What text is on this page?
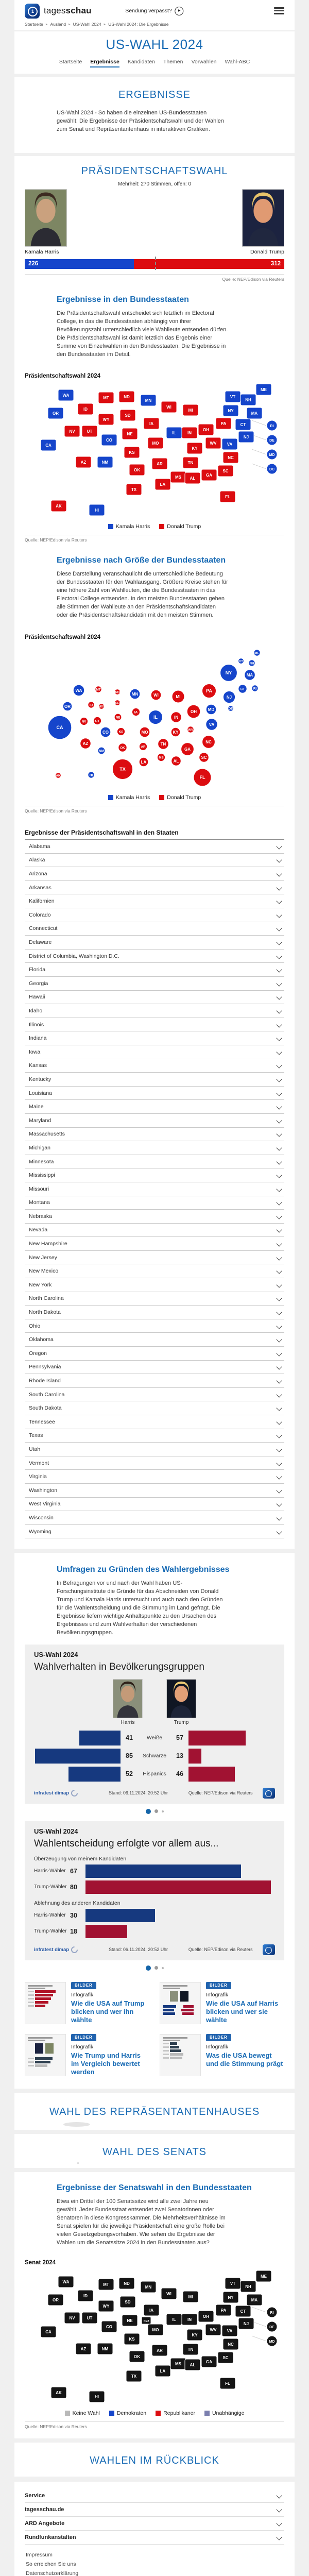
1	tagesschau	Sendung verpasst?	▶
Startseite ▸ Ausland ▸ US-Wahl 2024 ▸ US-Wahl 2024: Die Ergebnisse
US-WAHL 2024
Startseite Ergebnisse Kandidaten Themen Vorwahlen Wahl-ABC
ERGEBNISSE

US-Wahl 2024 - So haben die einzelnen US-Bundesstaaten gewählt: Die Ergebnisse der Präsidentschaftswahl und der Wahlen zum Senat und Repräsentantenhaus in interaktiven Grafiken.

PRÄSIDENTSCHAFTSWAHL
Mehrheit: 270 Stimmen, offen: 0
Kamala Harris	Donald Trump
226	312
Quelle: NEP/Edison via Reuters
Ergebnisse in den Bundesstaaten

Die Präsidentschaftswahl entscheidet sich letztlich im Electoral College, in das die Bundesstaaten abhängig von ihrer Bevölkerungszahl unterschiedlich viele Wahlleute entsenden dürfen. Die Präsidentschaftswahl ist damit letztlich das Ergebnis einer Summe von Einzelwahlen in den Bundesstaaten. Die Ergebnisse in den Bundesstaaten im Detail.

Präsidentschaftswahl 2024
WA
OR
CA
NV
ID
UT
AZ
MT
WY
CO
NM
ND
SD
NE
KS
OK
TX
MN
IA
MO
AR
LA
WI
IL
MS
MI
IN
KY
TN
AL
OH
WV
PA
GA
SC
NC
VA
FL
NY
NJ
CT
MA
VT
NH
ME
AK
HI
RI
DE
MD
DC
Kamala Harris	Donald Trump
Quelle: NEP/Edison via Reuters
Ergebnisse nach Größe der Bundesstaaten

Diese Darstellung veranschaulicht die unterschiedliche Bedeutung der Bundesstaaten für den Wahlausgang. Größere Kreise stehen für eine höhere Zahl von Wahlleuten, die die Bundesstaaten in das Electoral College entsenden. In den meisten Bundesstaaten gehen alle Stimmen der Wahlleute an den Präsidentschaftskandidaten oder die Präsidentschaftskandidatin mit den meisten Stimmen.

Präsidentschaftswahl 2024
ME
VT
NH
NY	MA
CT	RI
PA
NJ
MD	DE
WA	MT
ND	MN	WI	MI
OR	ID WY
SD
IA
IL	IN
OH
NV	UT
NE
CA
CO	KS	MO	KY
WV
VA
NC
AZ
NM
OK	AR
TN
GA
SC
MS
AL
LA
TX
FL
AK	HI
Kamala Harris	Donald Trump
Quelle: NEP/Edison via Reuters
Ergebnisse der Präsidentschaftswahl in den Staaten
Alabama
Alaska
Arizona
Arkansas
Kalifornien
Colorado
Connecticut
Delaware
District of Columbia, Washington D.C.
Florida
Georgia
Hawaii
Idaho
Illinois
Indiana
Iowa
Kansas
Kentucky
Louisiana
Maine
Maryland
Massachusetts
Michigan
Minnesota
Mississippi
Missouri
Montana
Nebraska
Nevada
New Hampshire
New Jersey
New Mexico
New York
North Carolina
North Dakota
Ohio
Oklahoma
Oregon
Pennsylvania
Rhode Island
South Carolina
South Dakota
Tennessee
Texas
Utah
Vermont
Virginia
Washington
West Virginia
Wisconsin
Wyoming
Umfragen zu Gründen des Wahlergebnisses

In Befragungen vor und nach der Wahl haben US-Forschungsinstitute die Gründe für das Abschneiden von Donald Trump und Kamala Harris untersucht und auch nach den Gründen für die Wahlentscheidung und die Stimmung im Land gefragt. Die Ergebnisse liefern wichtige Anhaltspunkte zu den Ursachen des Ergebnisses und zum Wahlverhalten der verschiedenen Bevölkerungsgruppen.

US-Wahl 2024
Wahlverhalten in Bevölkerungsgruppen
Harris	Trump
41	Weiße	57
85	Schwarze	13
52	Hispanics	46
infratest dimap	Stand: 06.11.2024, 20:52 Uhr	Quelle: NEP/Edison via Reuters
US-Wahl 2024
Wahlentscheidung erfolgte vor allem aus...
Überzeugung von meinem Kandidaten
Harris-Wähler 67
Trump-Wähler 80
Ablehnung des anderen Kandidaten
Harris-Wähler 30
Trump-Wähler 18
infratest dimap	Stand: 06.11.2024, 20:52 Uhr	Quelle: NEP/Edison via Reuters
BILDER
Infografik
Wie die USA auf Trump blicken und wer ihn wählte
BILDER
Infografik
Wie die USA auf Harris blicken und wer sie wählte
BILDER
Infografik
Wie Trump und Harris im Vergleich bewertet werden
BILDER
Infografik
Was die USA bewegt und die Stimmung prägt
WAHL DES REPRÄSENTANTENHAUSES
WAHL DES SENATS
Ergebnisse der Senatswahl in den Bundesstaaten

Etwa ein Drittel der 100 Senatssitze wird alle zwei Jahre neu gewählt. Jeder Bundesstaat entsendet zwei Senatorinnen oder Senatoren in diese Kongresskammer. Die Mehrheitsverhältnisse im Senat spielen für die jeweilige Präsidentschaft eine große Rolle bei vielen Gesetzgebungsvorhaben. Wie sehen die Ergebnisse der Wahlen um die Senatssitze 2024 in den Bundesstaaten aus?

Senat 2024
WA
OR
CA
NV
ID
UT
AZ
MT
WY
CO
NM
ND
SD
NE
KS
OK
TX
MN
IA
MO
AR
LA
WI
IL
MS
MI
IN
KY
TN
AL
OH
WV
PA
GA
SC
NC
VA
FL
NY
NJ
CT
MA
VT
NH
ME
AK
HI
NE2
RI
DE
MD
Keine Wahl	Demokraten	Republikaner	Unabhängige
Quelle: NEP/Edison via Reuters
WAHLEN IM RÜCKBLICK
Service
tagesschau.de
ARD Angebote
Rundfunkanstalten
Impressum
So erreichen Sie uns
Datenschutzerklärung
